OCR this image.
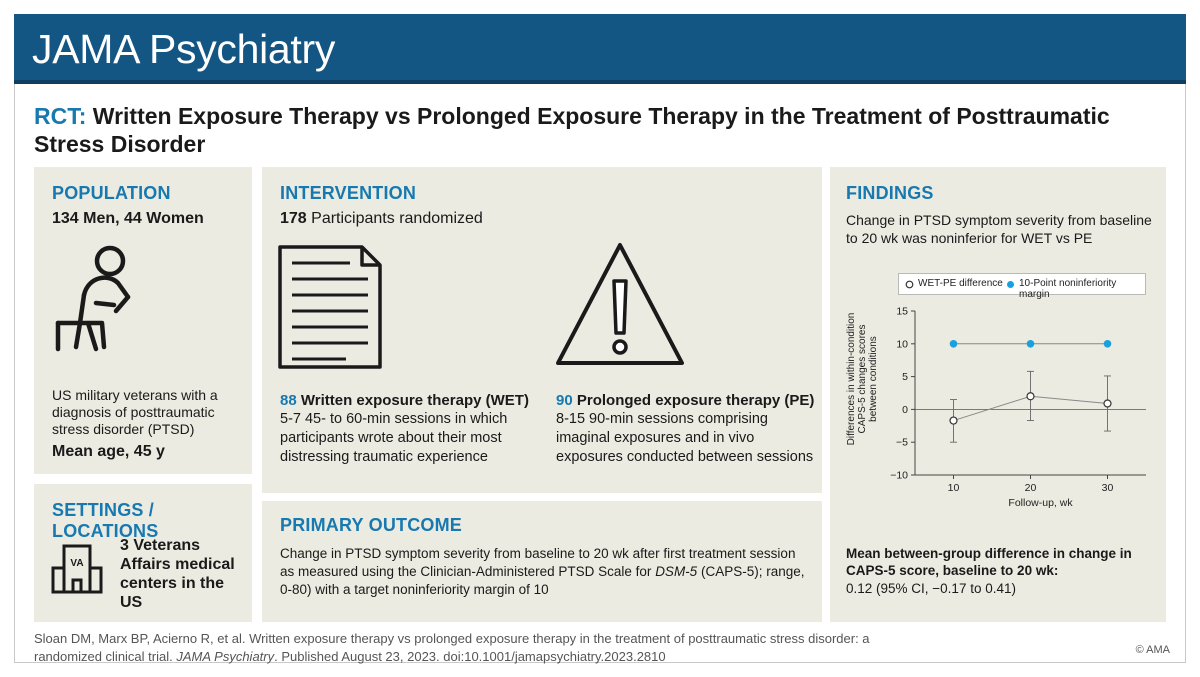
JAMA Psychiatry
RCT: Written Exposure Therapy vs Prolonged Exposure Therapy in the Treatment of Posttraumatic Stress Disorder
POPULATION
134 Men, 44 Women
US military veterans with a diagnosis of posttraumatic stress disorder (PTSD)
Mean age, 45 y
SETTINGS / LOCATIONS
VA
3 Veterans Affairs medical centers in the US
INTERVENTION
178 Participants randomized
88 Written exposure therapy (WET)
5-7 45- to 60-min sessions in which participants wrote about their most distressing traumatic experience
90 Prolonged exposure therapy (PE)
8-15 90-min sessions comprising imaginal exposures and in vivo exposures conducted between sessions
PRIMARY OUTCOME
Change in PTSD symptom severity from baseline to 20 wk after first treatment session as measured using the Clinician-Administered PTSD Scale for DSM-5 (CAPS-5); range, 0-80) with a target noninferiority margin of 10
FINDINGS
Change in PTSD symptom severity from baseline to 20 wk was noninferior for WET vs PE
WET-PE difference 10-Point noninferiority margin
Differences in within-conditionCAPS-5 changes scoresbetween conditions
15
10
5
0
−5
−10
10	20	30
Follow-up, wk
Mean between-group difference in change in CAPS-5 score, baseline to 20 wk:
0.12 (95% CI, −0.17 to 0.41)
Sloan DM, Marx BP, Acierno R, et al. Written exposure therapy vs prolonged exposure therapy in the treatment of posttraumatic stress disorder: a randomized clinical trial. JAMA Psychiatry. Published August 23, 2023. doi:10.1001/jamapsychiatry.2023.2810	© AMA
